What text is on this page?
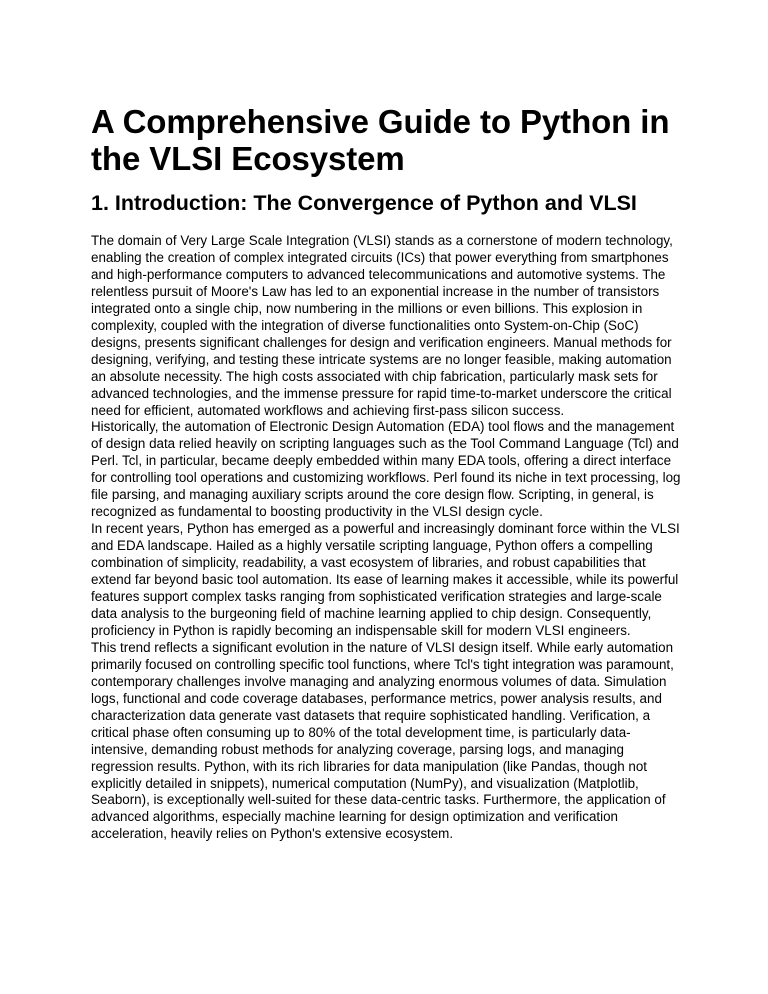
A Comprehensive Guide to Python in the VLSI Ecosystem
1. Introduction: The Convergence of Python and VLSI

The domain of Very Large Scale Integration (VLSI) stands as a cornerstone of modern technology, enabling the creation of complex integrated circuits (ICs) that power everything from smartphones and high-performance computers to advanced telecommunications and automotive systems. The relentless pursuit of Moore's Law has led to an exponential increase in the number of transistors integrated onto a single chip, now numbering in the millions or even billions. This explosion in complexity, coupled with the integration of diverse functionalities onto System-on-Chip (SoC) designs, presents significant challenges for design and verification engineers. Manual methods for designing, verifying, and testing these intricate systems are no longer feasible, making automation an absolute necessity. The high costs associated with chip fabrication, particularly mask sets for advanced technologies, and the immense pressure for rapid time-to-market underscore the critical need for efficient, automated workflows and achieving first-pass silicon success.

Historically, the automation of Electronic Design Automation (EDA) tool flows and the management of design data relied heavily on scripting languages such as the Tool Command Language (Tcl) and Perl. Tcl, in particular, became deeply embedded within many EDA tools, offering a direct interface for controlling tool operations and customizing workflows. Perl found its niche in text processing, log file parsing, and managing auxiliary scripts around the core design flow. Scripting, in general, is recognized as fundamental to boosting productivity in the VLSI design cycle.

In recent years, Python has emerged as a powerful and increasingly dominant force within the VLSI and EDA landscape. Hailed as a highly versatile scripting language, Python offers a compelling combination of simplicity, readability, a vast ecosystem of libraries, and robust capabilities that extend far beyond basic tool automation. Its ease of learning makes it accessible, while its powerful features support complex tasks ranging from sophisticated verification strategies and large-scale data analysis to the burgeoning field of machine learning applied to chip design. Consequently, proficiency in Python is rapidly becoming an indispensable skill for modern VLSI engineers.

This trend reflects a significant evolution in the nature of VLSI design itself. While early automation primarily focused on controlling specific tool functions, where Tcl's tight integration was paramount, contemporary challenges involve managing and analyzing enormous volumes of data. Simulation logs, functional and code coverage databases, performance metrics, power analysis results, and characterization data generate vast datasets that require sophisticated handling. Verification, a critical phase often consuming up to 80% of the total development time, is particularly data-intensive, demanding robust methods for analyzing coverage, parsing logs, and managing regression results. Python, with its rich libraries for data manipulation (like Pandas, though not explicitly detailed in snippets), numerical computation (NumPy), and visualization (Matplotlib, Seaborn), is exceptionally well-suited for these data-centric tasks. Furthermore, the application of advanced algorithms, especially machine learning for design optimization and verification acceleration, heavily relies on Python's extensive ecosystem.
